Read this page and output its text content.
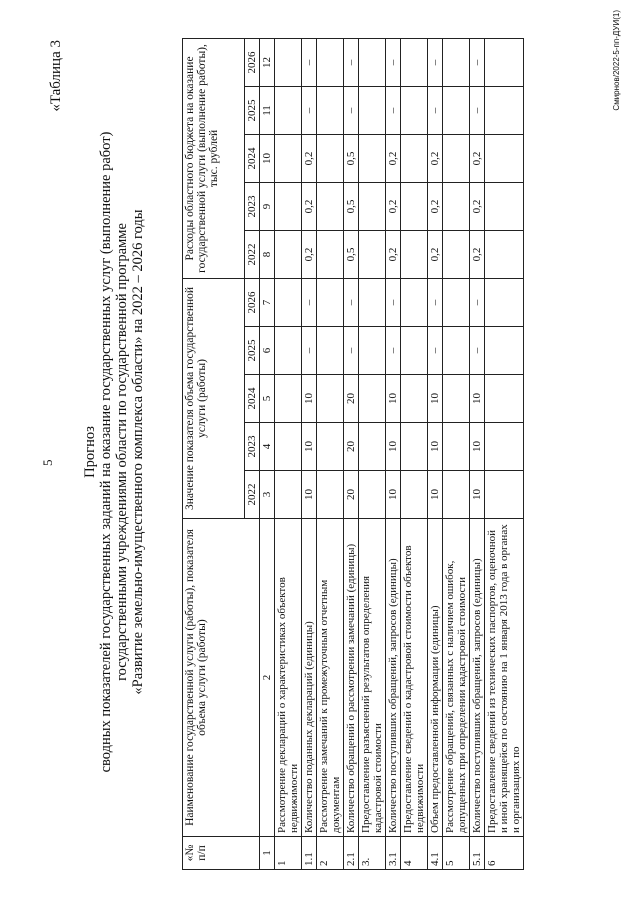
5
«Таблица 3
Прогноз сводных показателей государственных заданий на оказание государственных услуг (выполнение работ) государственными учреждениями области по государственной программе «Развитие земельно-имущественного комплекса области» на 2022 – 2026 годы
«№ п/п	Наименование государственной услуги (работы), показателя объема услуги (работы)	Значение показателя объема государственной услуги (работы)					Расходы областного бюджета на оказание государственной услуги (выполнение работы), тыс. рублей				
		2022	2023	2024	2025	2026	2022	2023	2024	2025	2026
1	2	3	4	5	6	7	8	9	10	11	12
1	Рассмотрение деклараций о характеристиках объектов недвижимости										
1.1	Количество поданных деклараций (единицы)	10	10	10	–	–	0,2	0,2	0,2	–	–
2	Рассмотрение замечаний к промежуточным отчетным документам										
2.1	Количество обращений о рассмотрении замечаний (единицы)	20	20	20	–	–	0,5	0,5	0,5	–	–
3.	Предоставление разъяснений результатов определения кадастровой стоимости										
3.1	Количество поступивших обращений, запросов (единицы)	10	10	10	–	–	0,2	0,2	0,2	–	–
4	Предоставление сведений о кадастровой стоимости объектов недвижимости										
4.1	Объем предоставленной информации (единицы)	10	10	10	–	–	0,2	0,2	0,2	–	–
5	Рассмотрение обращений, связанных с наличием ошибок, допущенных при определении кадастровой стоимости										
5.1	Количество поступивших обращений, запросов (единицы)	10	10	10	–	–	0,2	0,2	0,2	–	–
6	Предоставление сведений из технических паспортов, оценочной и иной хранящейся по состоянию на 1 января 2013 года в органах и организациях по										
Смирнов/2022-5-пп-ДУИ(1)
